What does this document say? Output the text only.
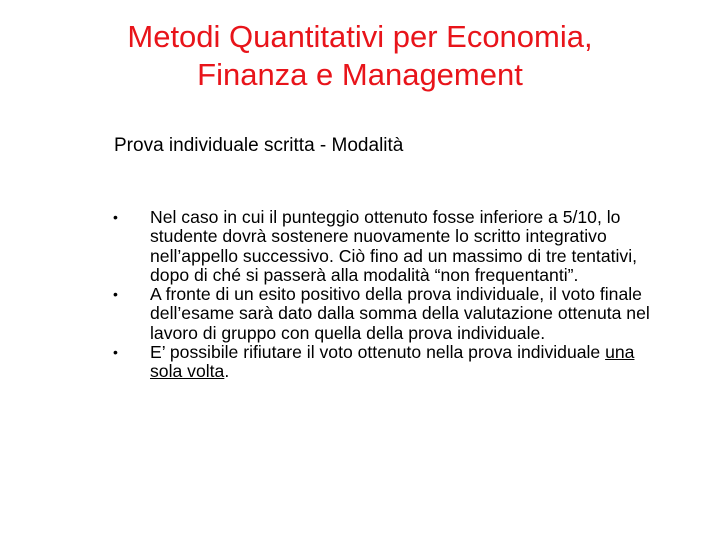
Metodi Quantitativi per Economia,
Finanza e Management
Prova individuale scritta - Modalità
• Nel caso in cui il punteggio ottenuto fosse inferiore a 5/10, lo studente dovrà sostenere nuovamente lo scritto integrativo nell’appello successivo. Ciò fino ad un massimo di tre tentativi, dopo di ché si passerà alla modalità “non frequentanti”.
• A fronte di un esito positivo della prova individuale, il voto finale dell’esame sarà dato dalla somma della valutazione ottenuta nel lavoro di gruppo con quella della prova individuale.
• E’ possibile rifiutare il voto ottenuto nella prova individuale una sola volta.
